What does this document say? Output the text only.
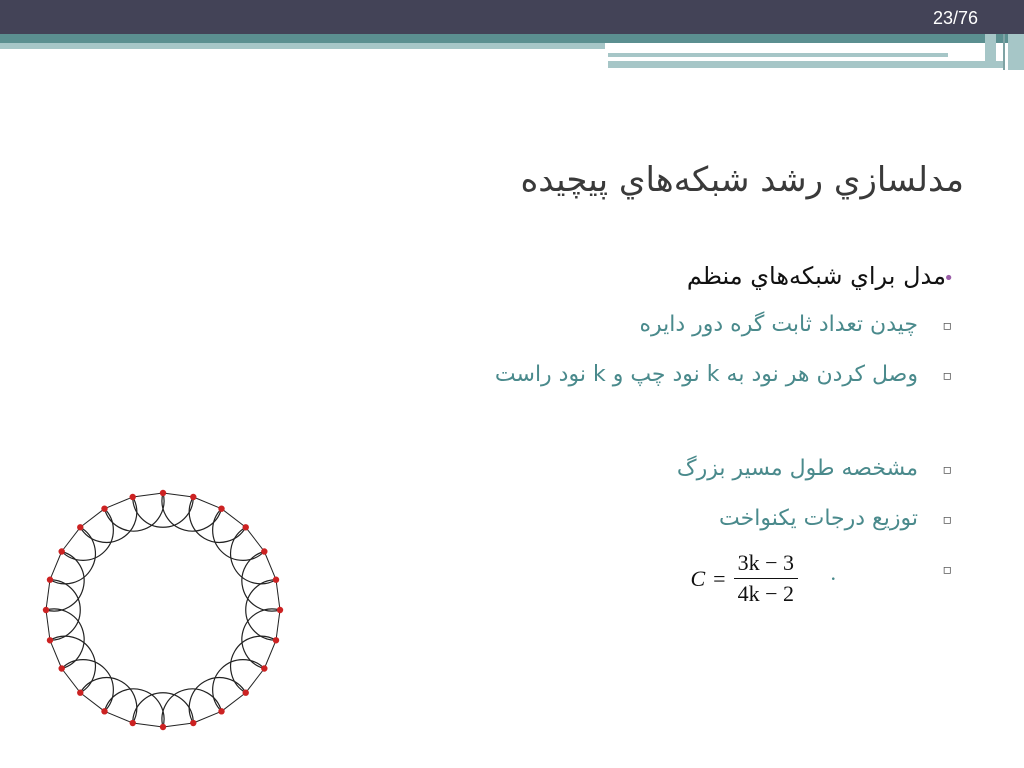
23/76
مدلسازي رشد شبکه‌هاي پيچيده
•
مدل براي شبکه‌هاي منظم
▫
چيدن تعداد ثابت گره دور دايره
▫
وصل کردن هر نود به k نود چپ و k نود راست
▫
مشخصه طول مسير بزرگ
▫
توزيع درجات يکنواخت
▫
$C = \frac{3k - 3}{4k - 2}$ .
